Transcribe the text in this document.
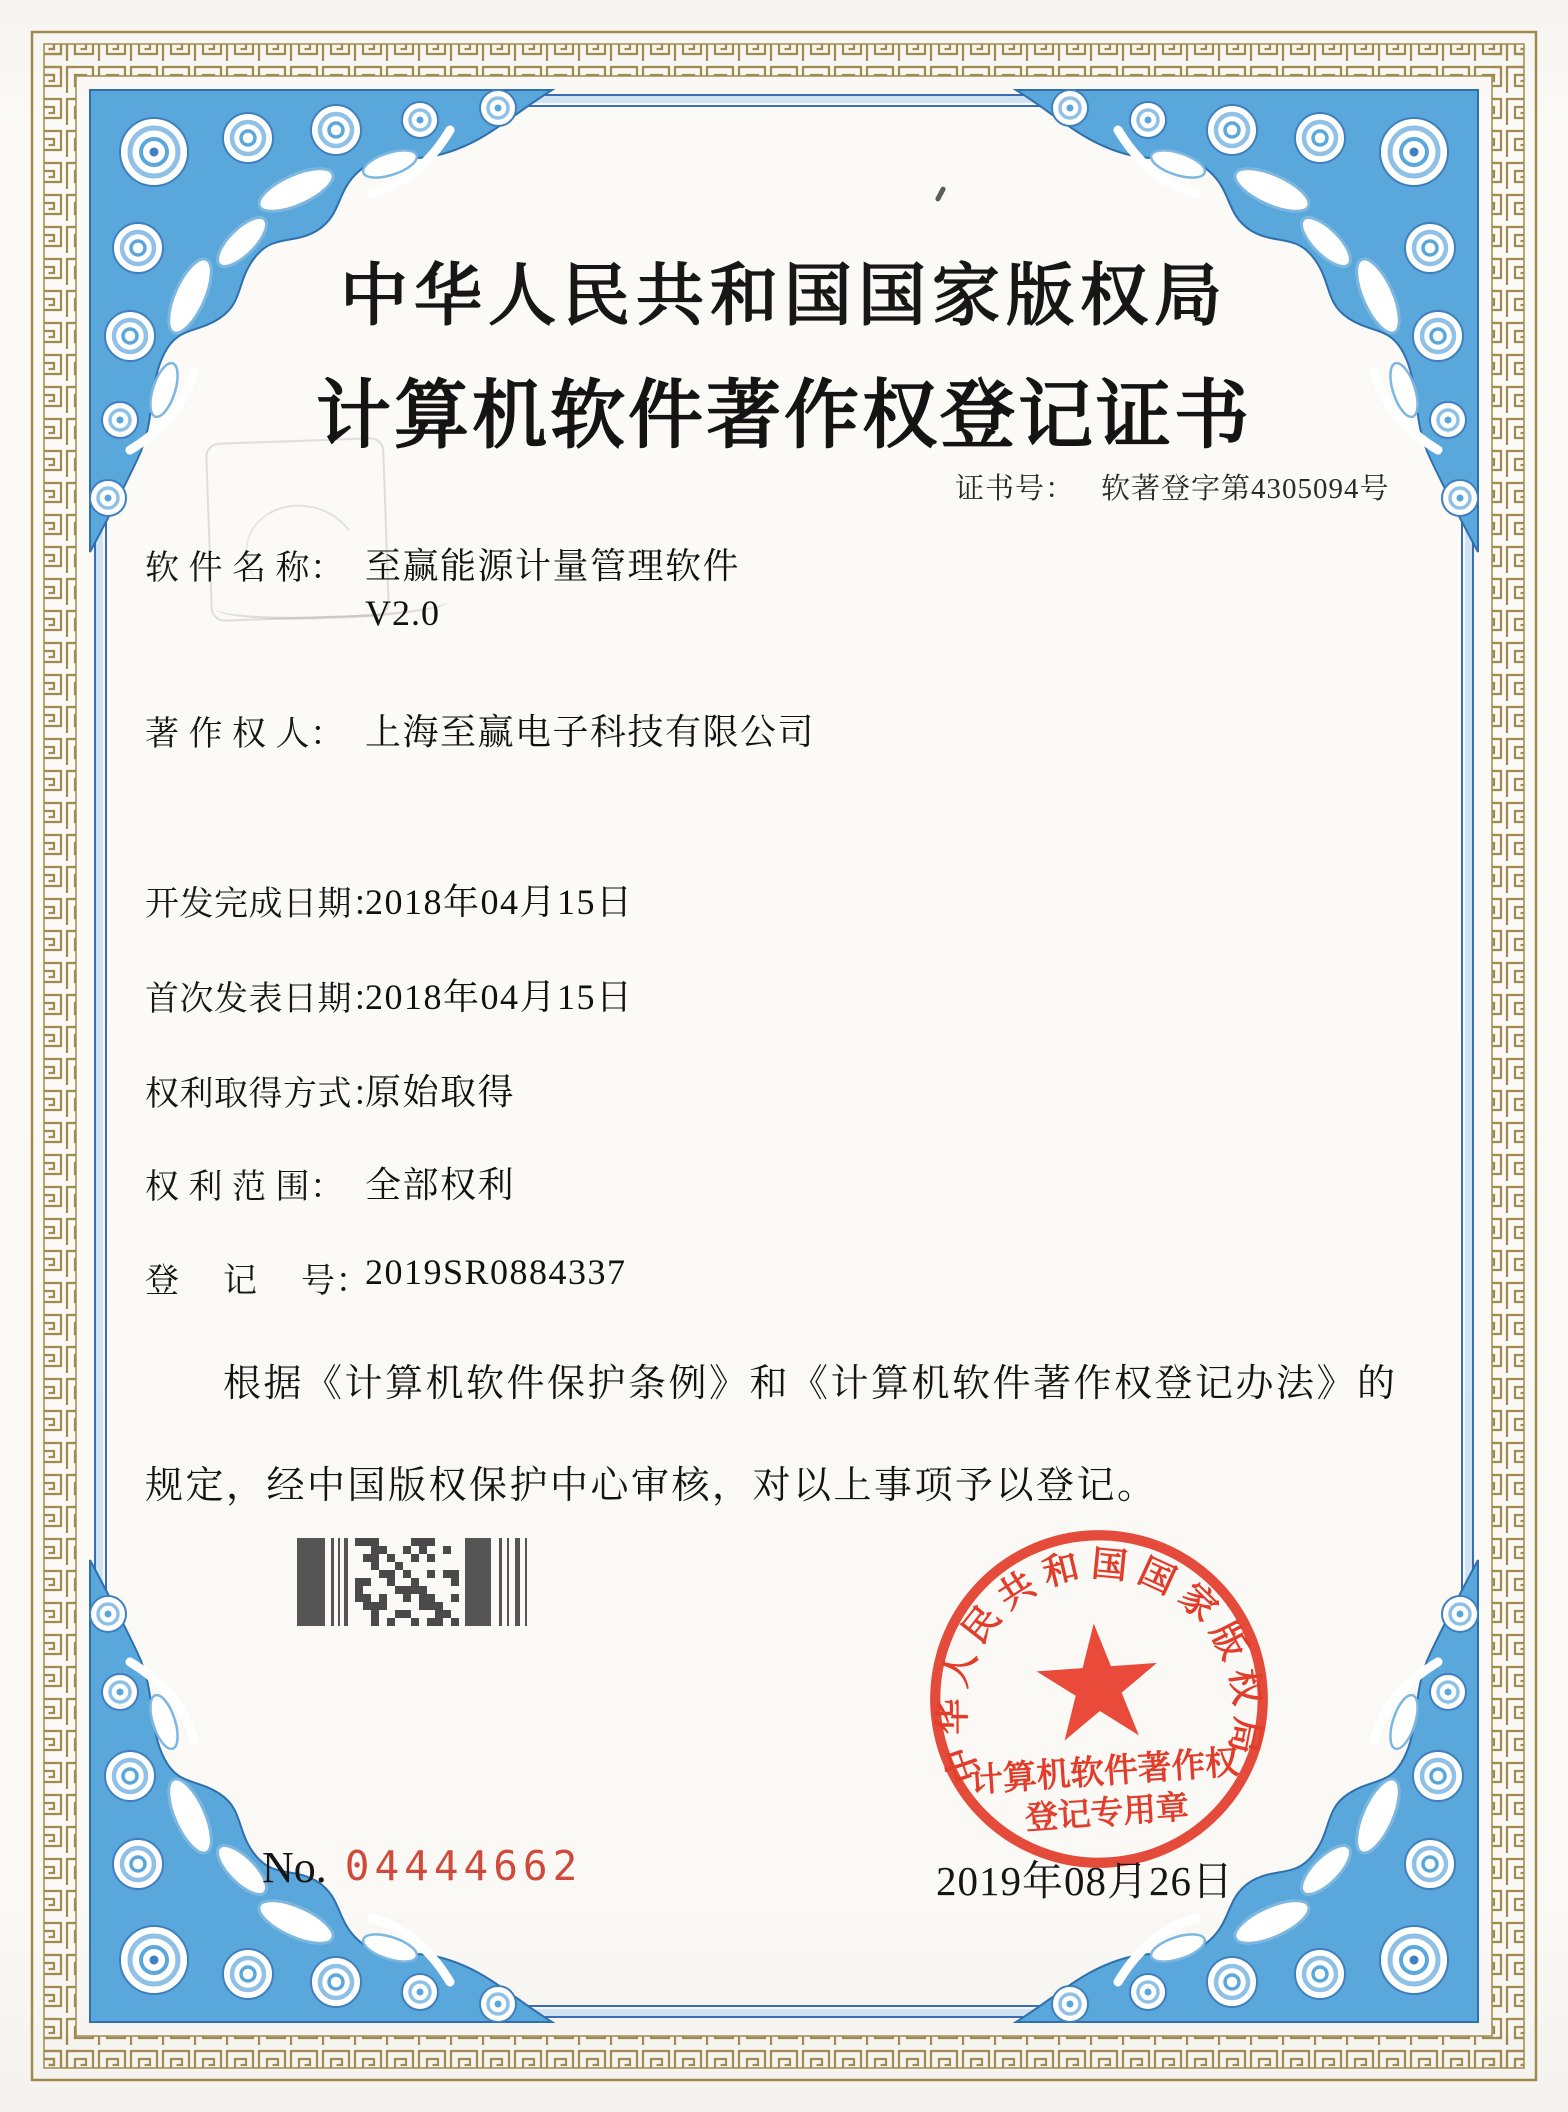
中华人民共和国国家版权局
计算机软件著作权登记证书
证书号： 软著登字第4305094号
软 件 名 称： 至赢能源计量管理软件
V2.0
著 作 权 人： 上海至赢电子科技有限公司
开发完成日期：
2018年04月15日
首次发表日期：
2018年04月15日
权利取得方式：
原始取得
权 利 范 围： 全部权利
登　 记　 号：
2019SR0884337
根据《计算机软件保护条例》和《计算机软件著作权登记办法》的
规定，经中国版权保护中心审核，对以上事项予以登记。
中华人民共和国国家版权局
计算机软件著作权
登记专用章
2019年08月26日
No. 04444662
